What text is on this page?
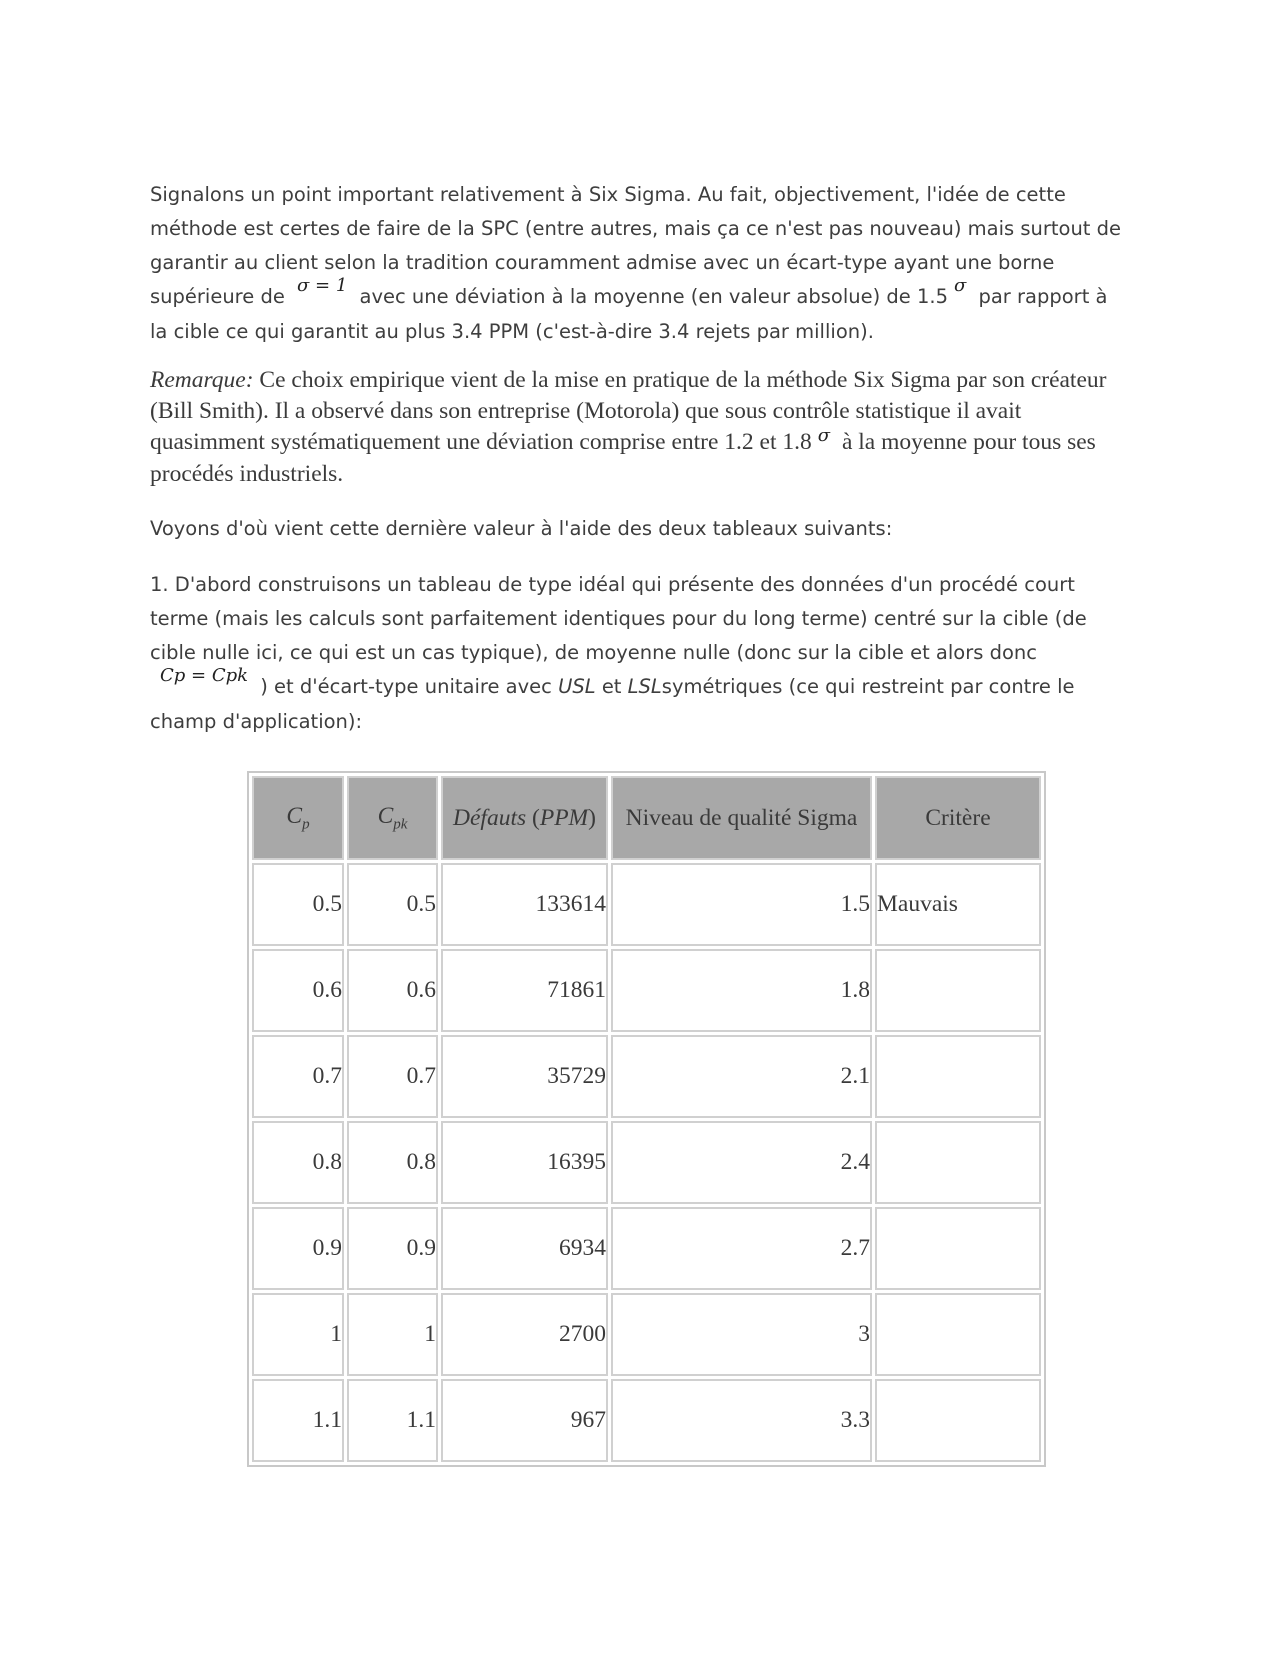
Signalons un point important relativement à Six Sigma. Au fait, objectivement, l'idée de cette méthode est certes de faire de la SPC (entre autres, mais ça ce n'est pas nouveau) mais surtout de garantir au client selon la tradition couramment admise avec un écart-type ayant une borne supérieure de σ = 1 avec une déviation à la moyenne (en valeur absolue) de 1.5 σ par rapport à la cible ce qui garantit au plus 3.4 PPM (c'est-à-dire 3.4 rejets par million).

Remarque: Ce choix empirique vient de la mise en pratique de la méthode Six Sigma par son créateur (Bill Smith). Il a observé dans son entreprise (Motorola) que sous contrôle statistique il avait quasimment systématiquement une déviation comprise entre 1.2 et 1.8 σ à la moyenne pour tous ses procédés industriels.

Voyons d'où vient cette dernière valeur à l'aide des deux tableaux suivants:

1. D'abord construisons un tableau de type idéal qui présente des données d'un procédé court terme (mais les calculs sont parfaitement identiques pour du long terme) centré sur la cible (de cible nulle ici, ce qui est un cas typique), de moyenne nulle (donc sur la cible et alors donc Cp = Cpk ) et d'écart-type unitaire avec USL et LSLsymétriques (ce qui restreint par contre le champ d'application):

$C_p$	$C_{pk}$	Défauts (PPM)	Niveau de qualité Sigma	Critère
0.5	0.5	133614	1.5	Mauvais
0.6	0.6	71861	1.8	
0.7	0.7	35729	2.1	
0.8	0.8	16395	2.4	
0.9	0.9	6934	2.7	
1	1	2700	3	
1.1	1.1	967	3.3	
